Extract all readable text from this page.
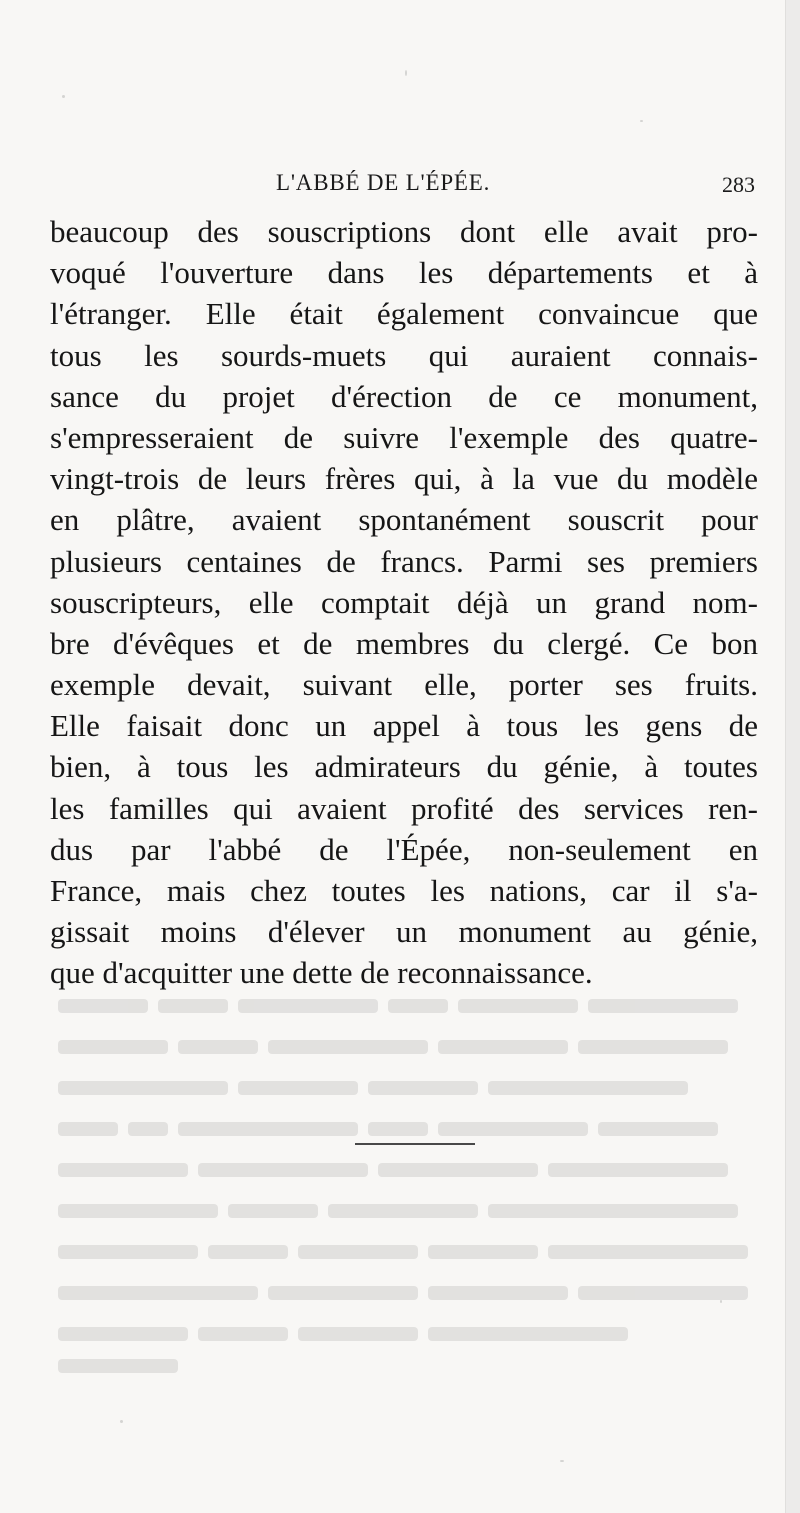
L'ABBÉ DE L'ÉPÉE.	283
beaucoup des souscriptions dont elle avait pro-
voqué l'ouverture dans les départements et à
l'étranger. Elle était également convaincue que
tous les sourds-muets qui auraient connais-
sance du projet d'érection de ce monument,
s'empresseraient de suivre l'exemple des quatre-
vingt-trois de leurs frères qui, à la vue du modèle
en plâtre, avaient spontanément souscrit pour
plusieurs centaines de francs. Parmi ses premiers
souscripteurs, elle comptait déjà un grand nom-
bre d'évêques et de membres du clergé. Ce bon
exemple devait, suivant elle, porter ses fruits.
Elle faisait donc un appel à tous les gens de
bien, à tous les admirateurs du génie, à toutes
les familles qui avaient profité des services ren-
dus par l'abbé de l'Épée, non-seulement en
France, mais chez toutes les nations, car il s'a-
gissait moins d'élever un monument au génie,
que d'acquitter une dette de reconnaissance.
